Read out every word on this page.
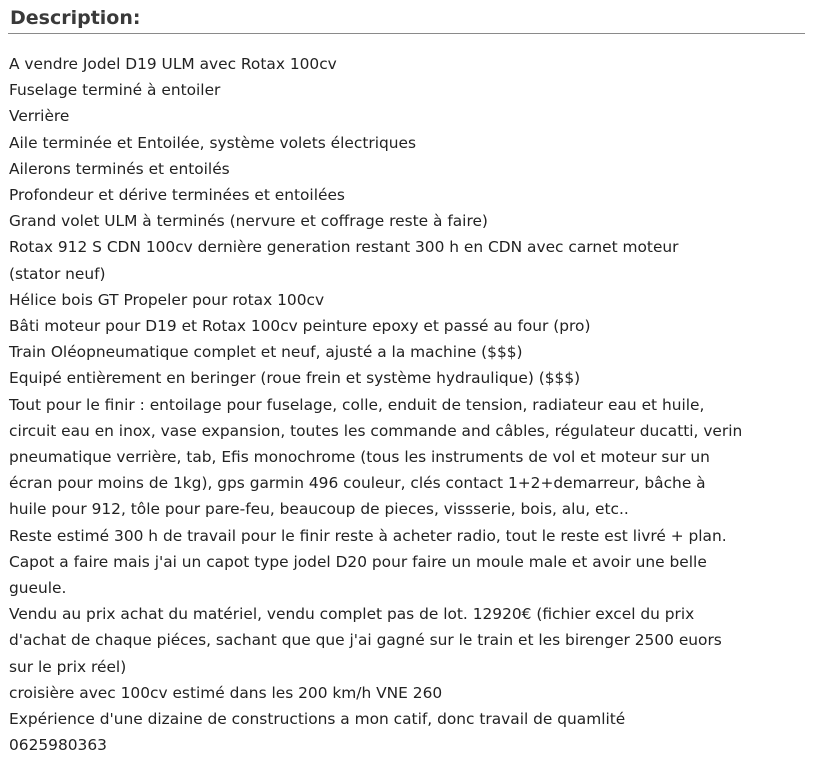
Description:
A vendre Jodel D19 ULM avec Rotax 100cv
Fuselage terminé à entoiler
Verrière
Aile terminée et Entoilée, système volets électriques
Ailerons terminés et entoilés
Profondeur et dérive terminées et entoilées
Grand volet ULM à terminés (nervure et coffrage reste à faire)
Rotax 912 S CDN 100cv dernière generation restant 300 h en CDN avec carnet moteur
(stator neuf)
Hélice bois GT Propeler pour rotax 100cv
Bâti moteur pour D19 et Rotax 100cv peinture epoxy et passé au four (pro)
Train Oléopneumatique complet et neuf, ajusté a la machine ($$$)
Equipé entièrement en beringer (roue frein et système hydraulique) ($$$)
Tout pour le finir : entoilage pour fuselage, colle, enduit de tension, radiateur eau et huile,
circuit eau en inox, vase expansion, toutes les commande and câbles, régulateur ducatti, verin
pneumatique verrière, tab, Efis monochrome (tous les instruments de vol et moteur sur un
écran pour moins de 1kg), gps garmin 496 couleur, clés contact 1+2+demarreur, bâche à
huile pour 912, tôle pour pare-feu, beaucoup de pieces, vissserie, bois, alu, etc..
Reste estimé 300 h de travail pour le finir reste à acheter radio, tout le reste est livré + plan.
Capot a faire mais j'ai un capot type jodel D20 pour faire un moule male et avoir une belle
gueule.
Vendu au prix achat du matériel, vendu complet pas de lot. 12920€ (fichier excel du prix
d'achat de chaque piéces, sachant que que j'ai gagné sur le train et les birenger 2500 euors
sur le prix réel)
croisière avec 100cv estimé dans les 200 km/h VNE 260
Expérience d'une dizaine de constructions a mon catif, donc travail de quamlité
0625980363
